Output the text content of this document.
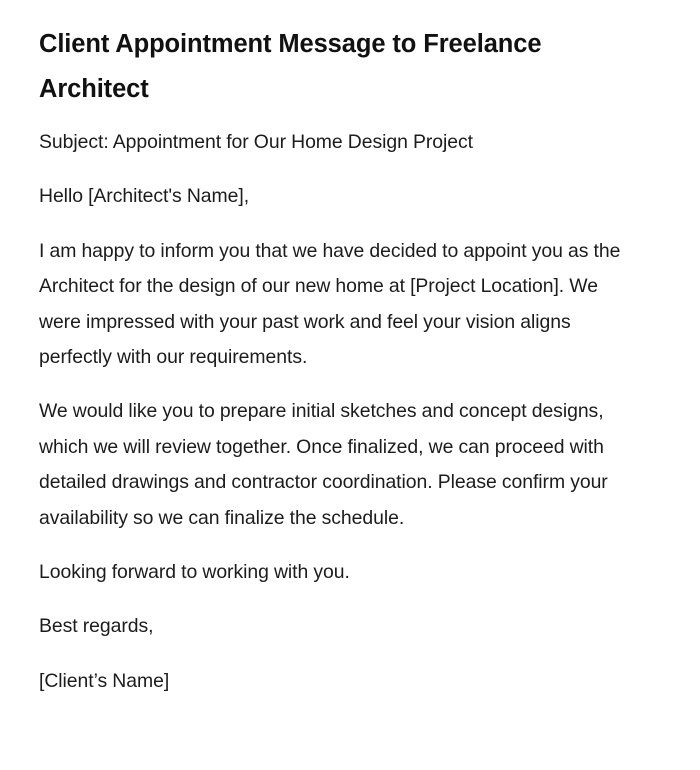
Client Appointment Message to Freelance Architect

Subject: Appointment for Our Home Design Project

Hello [Architect's Name],

I am happy to inform you that we have decided to appoint you as the Architect for the design of our new home at [Project Location]. We were impressed with your past work and feel your vision aligns perfectly with our requirements.

We would like you to prepare initial sketches and concept designs, which we will review together. Once finalized, we can proceed with detailed drawings and contractor coordination. Please confirm your availability so we can finalize the schedule.

Looking forward to working with you.

Best regards,

[Client’s Name]
